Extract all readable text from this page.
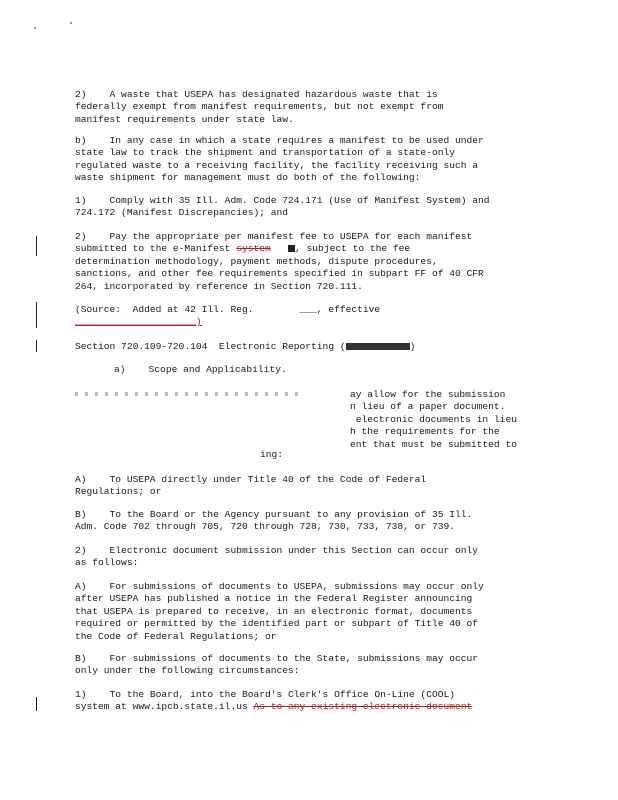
2)    A waste that USEPA has designated hazardous waste that is
federally exempt from manifest requirements, but not exempt from
manifest requirements under state law.
b)    In any case in which a state requires a manifest to be used under
state law to track the shipment and transportation of a state-only
regulated waste to a receiving facility, the facility receiving such a
waste shipment for management must do both of the following:
1)    Comply with 35 Ill. Adm. Code 724.171 (Use of Manifest System) and
724.172 (Manifest Discrepancies); and
2)    Pay the appropriate per manifest fee to USEPA for each manifest
submitted to the e-Manifest system	, subject to the fee
determination methodology, payment methods, dispute procedures,
sanctions, and other fee requirements specified in subpart FF of 40 CFR
264, incorporated by reference in Section 720.111.
(Source:  Added at 42 Ill. Reg.        ___, effective
_____________________)
Section 720.109-720.104  Electronic Reporting (	)
a)    Scope and Applicability.
ay allow for the submission
n lieu of a paper document.
electronic documents in lieu
h the requirements for the
ent that must be submitted to
ing:
A)    To USEPA directly under Title 40 of the Code of Federal
Regulations; or
B)    To the Board or the Agency pursuant to any provision of 35 Ill.
Adm. Code 702 through 705, 720 through 728, 730, 733, 738, or 739.
2)    Electronic document submission under this Section can occur only
as follows:
A)    For submissions of documents to USEPA, submissions may occur only
after USEPA has published a notice in the Federal Register announcing
that USEPA is prepared to receive, in an electronic format, documents
required or permitted by the identified part or subpart of Title 40 of
the Code of Federal Regulations; or
B)    For submissions of documents to the State, submissions may occur
only under the following circumstances:
1)    To the Board, into the Board's Clerk's Office On-Line (COOL)
system at www.ipcb.state.il.us As to any existing electronic document
